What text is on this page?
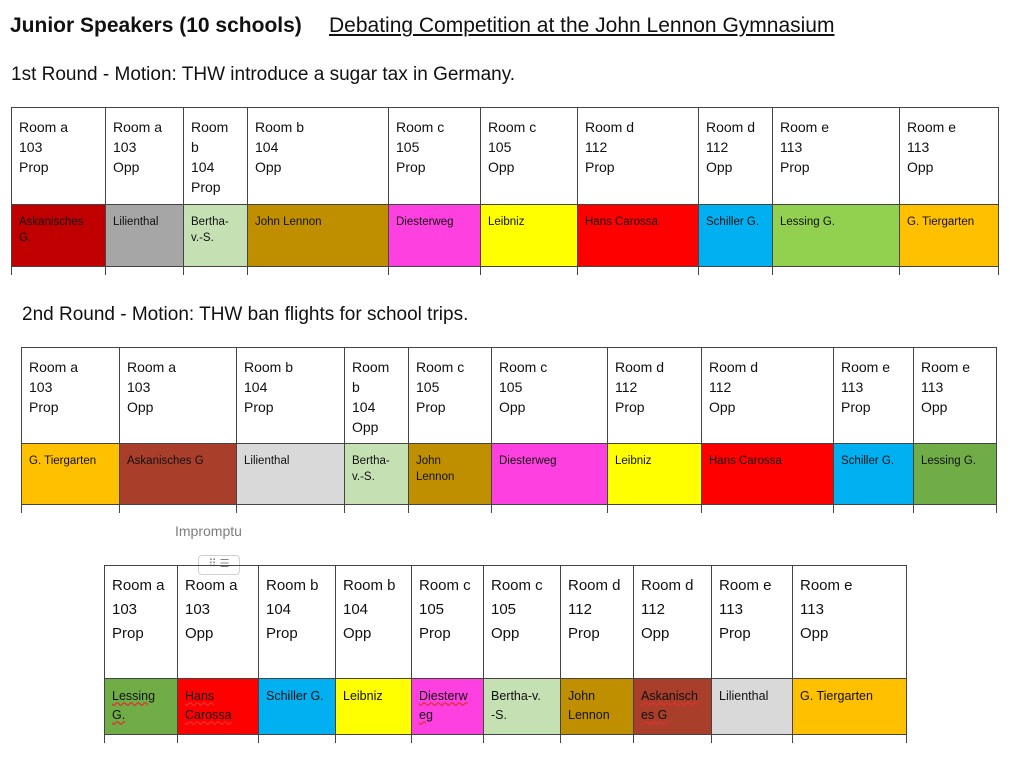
Junior Speakers (10 schools) Debating Competition at the John Lennon Gymnasium
1st Round - Motion: THW introduce a sugar tax in Germany.
Room a
103
Prop	Room a
103
Opp	Room
b
104
Prop	Room b
104
Opp	Room c
105
Prop	Room c
105
Opp	Room d
112
Prop	Room d
112
Opp	Room e
113
Prop	Room e
113
Opp

Askanisches
G.	Lilienthal	Bertha-
v.-S.	John Lennon	Diesterweg	Leibniz	Hans Carossa	Schiller G.	Lessing G.	G. Tiergarten

2nd Round - Motion: THW ban flights for school trips.
Room a
103
Prop	Room a
103
Opp	Room b
104
Prop	Room
b
104
Opp	Room c
105
Prop	Room c
105
Opp	Room d
112
Prop	Room d
112
Opp	Room e
113
Prop	Room e
113
Opp

G. Tiergarten	Askanisches G	Lilienthal	Bertha-
v.-S.	John
Lennon	Diesterweg	Leibniz	Hans Carossa	Schiller G.	Lessing G.

Impromptu
⠿ ☰
Room a
103
Prop	Room a
103
Opp	Room b
104
Prop	Room b
104
Opp	Room c
105
Prop	Room c
105
Opp	Room d
112
Prop	Room d
112
Opp	Room e
113
Prop	Room e
113
Opp

Lessing
G.	Hans
Carossa	Schiller G.	Leibniz	Diesterw
eg	Bertha-v.
-S.	John
Lennon	Askanisch
es G	Lilienthal	G. Tiergarten
